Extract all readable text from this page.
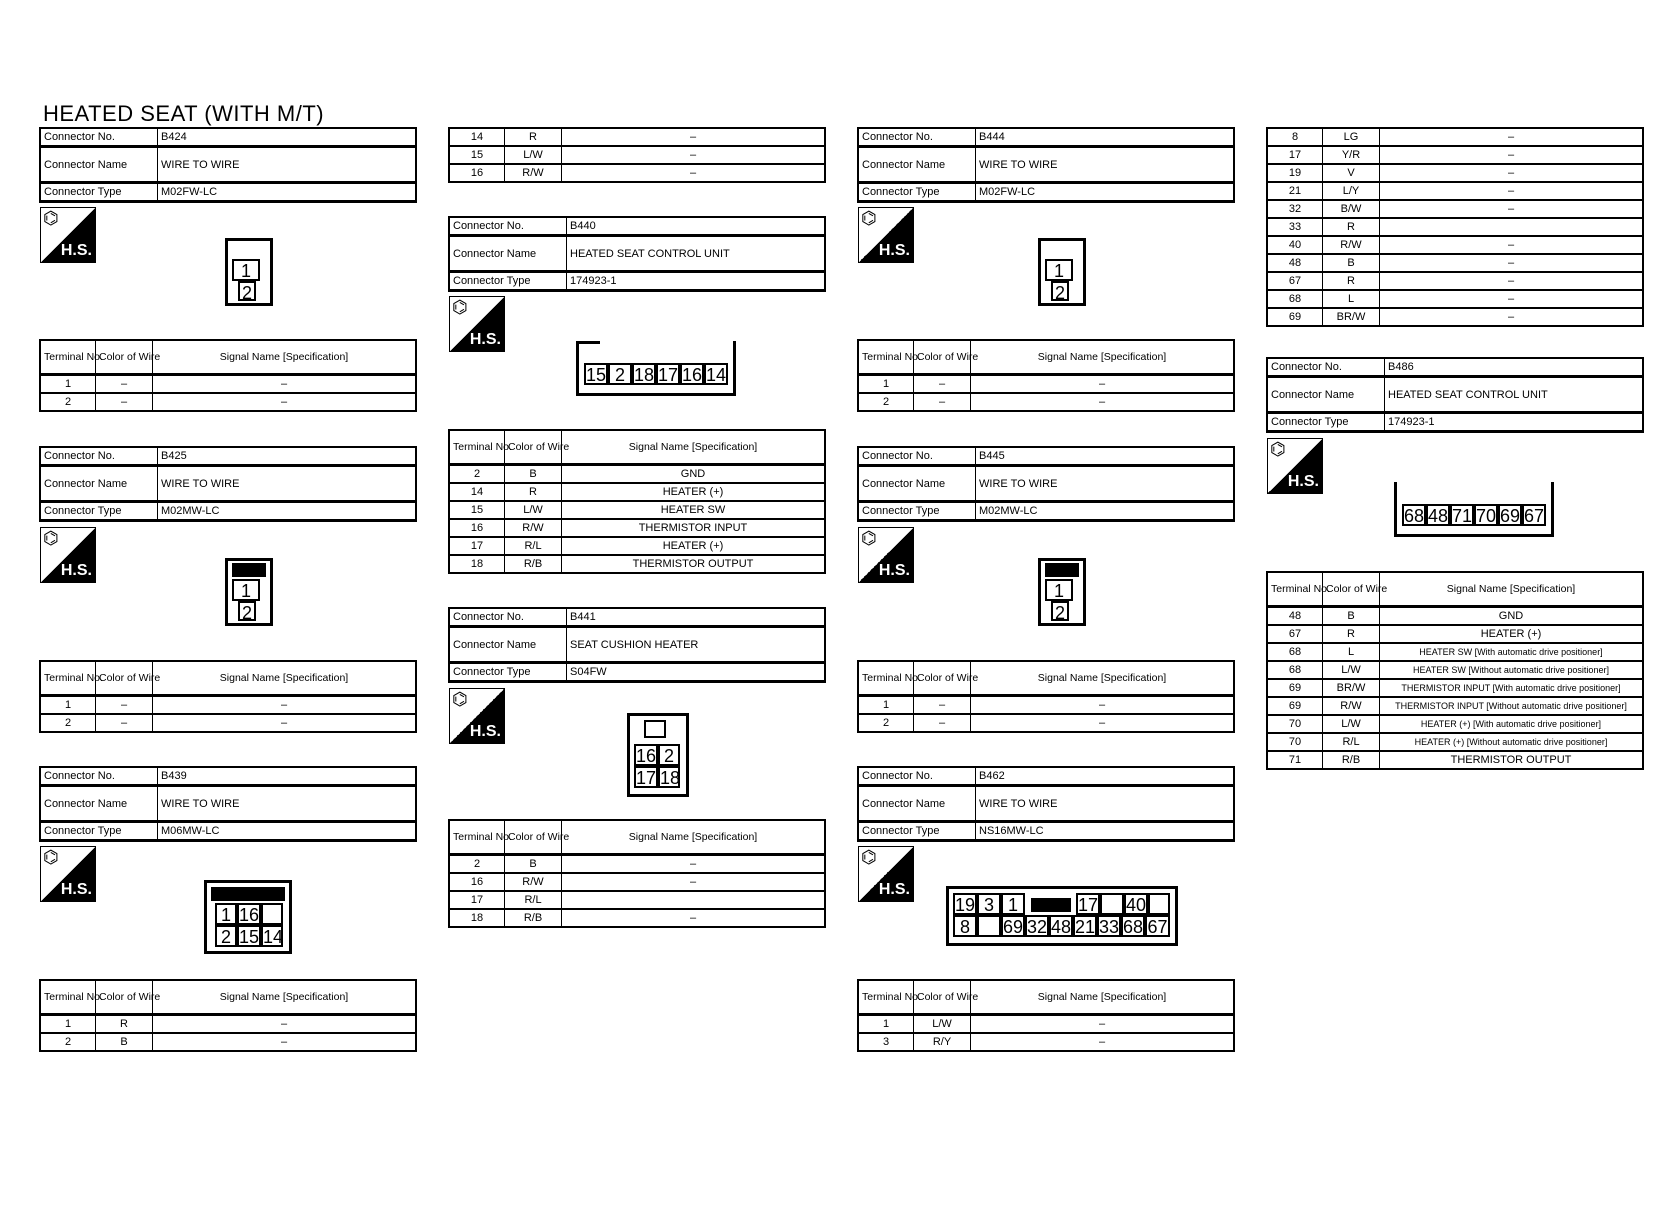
HEATED SEAT (WITH M/T)
Connector No.	B424
Connector Name	WIRE TO WIRE
Connector Type	M02FW-LC
⌬
H.S.
1
2
Terminal No.	Color of Wire	Signal Name [Specification]
1	–	–
2	–	–
Connector No.	B425
Connector Name	WIRE TO WIRE
Connector Type	M02MW-LC
⌬
H.S.
1
2
Terminal No.	Color of Wire	Signal Name [Specification]
1	–	–
2	–	–
Connector No.	B439
Connector Name	WIRE TO WIRE
Connector Type	M06MW-LC
⌬
H.S.
1 16
2 15 14
Terminal No.	Color of Wire	Signal Name [Specification]
1	R	–
2	B	–
14	R	–
15	L/W	–
16	R/W	–
Connector No.	B440
Connector Name	HEATED SEAT CONTROL UNIT
Connector Type	174923-1
⌬
H.S.
15 2 18 17 16 14
Terminal No.	Color of Wire	Signal Name [Specification]
2	B	GND
14	R	HEATER (+)
15	L/W	HEATER SW
16	R/W	THERMISTOR INPUT
17	R/L	HEATER (+)
18	R/B	THERMISTOR OUTPUT
Connector No.	B441
Connector Name	SEAT CUSHION HEATER
Connector Type	S04FW
⌬
H.S.
16 2
17 18
Terminal No.	Color of Wire	Signal Name [Specification]
2	B	–
16	R/W	–
17	R/L	
18	R/B	–
Connector No.	B444
Connector Name	WIRE TO WIRE
Connector Type	M02FW-LC
⌬
H.S.
1
2
Terminal No.	Color of Wire	Signal Name [Specification]
1	–	–
2	–	–
Connector No.	B445
Connector Name	WIRE TO WIRE
Connector Type	M02MW-LC
⌬
H.S.
1
2
Terminal No.	Color of Wire	Signal Name [Specification]
1	–	–
2	–	–
Connector No.	B462
Connector Name	WIRE TO WIRE
Connector Type	NS16MW-LC
⌬
H.S.
19 3 1	17 40
8	69 32 48 21 33 68 67
Terminal No.	Color of Wire	Signal Name [Specification]
1	L/W	–
3	R/Y	–
8	LG	–
17	Y/R	–
19	V	–
21	L/Y	–
32	B/W	–
33	R	
40	R/W	–
48	B	–
67	R	–
68	L	–
69	BR/W	–
Connector No.	B486
Connector Name	HEATED SEAT CONTROL UNIT
Connector Type	174923-1
⌬
H.S.
68 48 71 70 69 67
Terminal No.	Color of Wire	Signal Name [Specification]
48	B	GND
67	R	HEATER (+)
68	L	HEATER SW [With automatic drive positioner]
68	L/W	HEATER SW [Without automatic drive positioner]
69	BR/W	THERMISTOR INPUT [With automatic drive positioner]
69	R/W	THERMISTOR INPUT [Without automatic drive positioner]
70	L/W	HEATER (+) [With automatic drive positioner]
70	R/L	HEATER (+) [Without automatic drive positioner]
71	R/B	THERMISTOR OUTPUT
